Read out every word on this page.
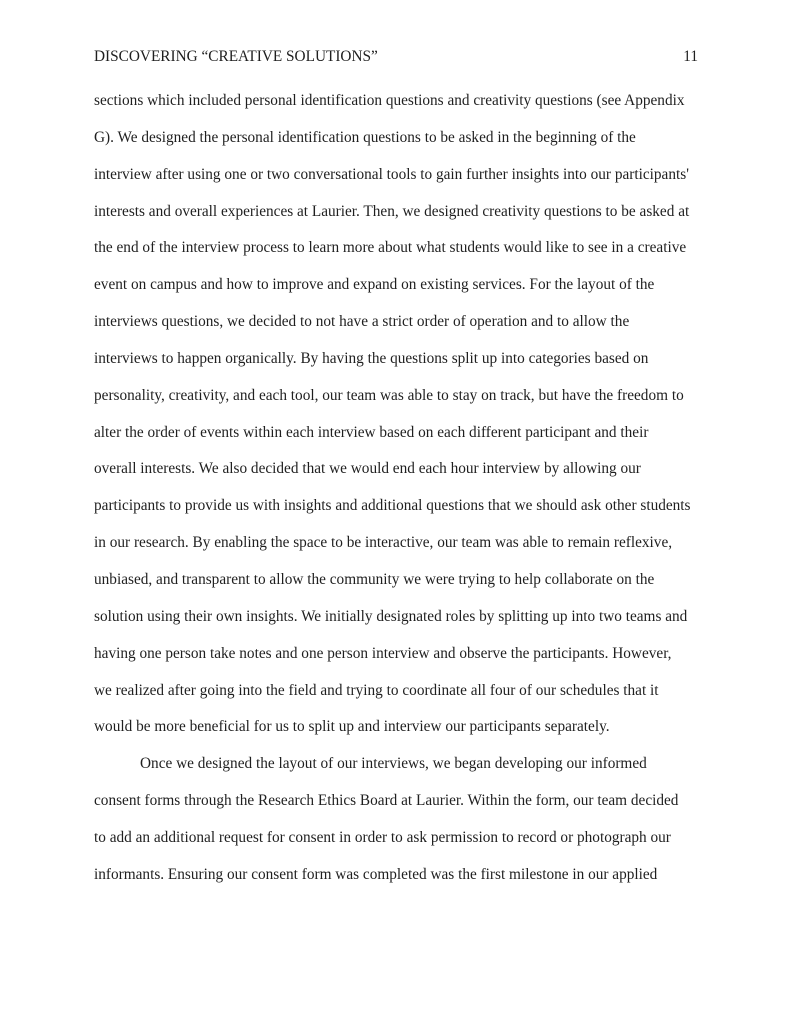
DISCOVERING “CREATIVE SOLUTIONS”	11
sections which included personal identification questions and creativity questions (see Appendix
G). We designed the personal identification questions to be asked in the beginning of the
interview after using one or two conversational tools to gain further insights into our participants'
interests and overall experiences at Laurier. Then, we designed creativity questions to be asked at
the end of the interview process to learn more about what students would like to see in a creative
event on campus and how to improve and expand on existing services. For the layout of the
interviews questions, we decided to not have a strict order of operation and to allow the
interviews to happen organically. By having the questions split up into categories based on
personality, creativity, and each tool, our team was able to stay on track, but have the freedom to
alter the order of events within each interview based on each different participant and their
overall interests. We also decided that we would end each hour interview by allowing our
participants to provide us with insights and additional questions that we should ask other students
in our research. By enabling the space to be interactive, our team was able to remain reflexive,
unbiased, and transparent to allow the community we were trying to help collaborate on the
solution using their own insights. We initially designated roles by splitting up into two teams and
having one person take notes and one person interview and observe the participants. However,
we realized after going into the field and trying to coordinate all four of our schedules that it
would be more beneficial for us to split up and interview our participants separately.
Once we designed the layout of our interviews, we began developing our informed
consent forms through the Research Ethics Board at Laurier. Within the form, our team decided
to add an additional request for consent in order to ask permission to record or photograph our
informants. Ensuring our consent form was completed was the first milestone in our applied
